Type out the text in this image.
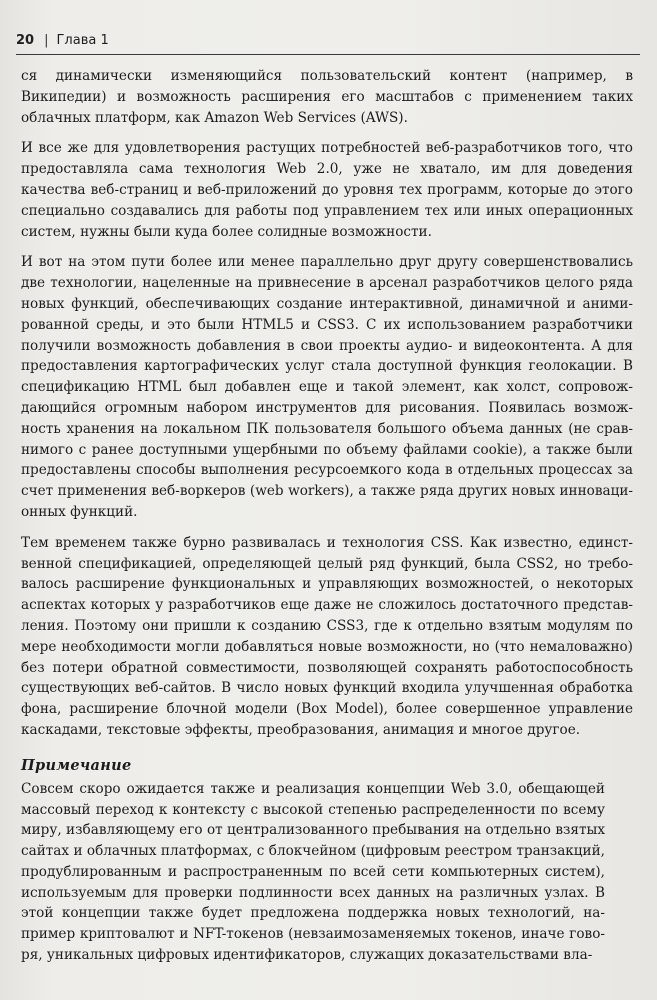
20 | Глава 1

ся динамически изменяющийся пользовательский контент (например, в Википедии) и возможность расширения его масштабов с применением таких облачных платформ, как Amazon Web Services (AWS).

И все же для удовлетворения растущих потребностей веб-разработчиков того, что предоставляла сама технология Web 2.0, уже не хватало, им для доведения качества веб-страниц и веб-приложений до уровня тех программ, которые до этого специально создавались для работы под управлением тех или иных операционных систем, нужны были куда более солидные возможности.

И вот на этом пути более или менее параллельно друг другу совершенствовались две технологии, нацеленные на привнесение в арсенал разработчиков целого ряда новых функций, обеспечивающих создание интерактивной, динамичной и анимированной среды, и это были HTML5 и CSS3. С их использованием разработчики получили возможность добавления в свои проекты аудио- и видеоконтента. А для предоставления картографических услуг стала доступной функция геолокации. В спецификацию HTML был добавлен еще и такой элемент, как холст, сопровождающийся огромным набором инструментов для рисования. Появилась возможность хранения на локальном ПК пользователя большого объема данных (не сравнимого с ранее доступными ущербными по объему файлами cookie), а также были предоставлены способы выполнения ресурсоемкого кода в отдельных процессах за счет применения веб-воркеров (web workers), а также ряда других новых инновационных функций.

Тем временем также бурно развивалась и технология CSS. Как известно, единственной спецификацией, определяющей целый ряд функций, была CSS2, но требовалось расширение функциональных и управляющих возможностей, о некоторых аспектах которых у разработчиков еще даже не сложилось достаточного представления. Поэтому они пришли к созданию CSS3, где к отдельно взятым модулям по мере необходимости могли добавляться новые возможности, но (что немаловажно) без потери обратной совместимости, позволяющей сохранять работоспособность существующих веб-сайтов. В число новых функций входила улучшенная обработка фона, расширение блочной модели (Box Model), более совершенное управление каскадами, текстовые эффекты, преобразования, анимация и многое другое.

Примечание

Совсем скоро ожидается также и реализация концепции Web 3.0, обещающей массовый переход к контексту с высокой степенью распределенности по всему миру, избавляющему его от централизованного пребывания на отдельно взятых сайтах и облачных платформах, с блокчейном (цифровым реестром транзакций, продублированным и распространенным по всей сети компьютерных систем), используемым для проверки подлинности всех данных на различных узлах. В этой концепции также будет предложена поддержка новых технологий, например криптовалют и NFT-токенов (невзаимозаменяемых токенов, иначе говоря, уникальных цифровых идентификаторов, служащих доказательствами вла-
